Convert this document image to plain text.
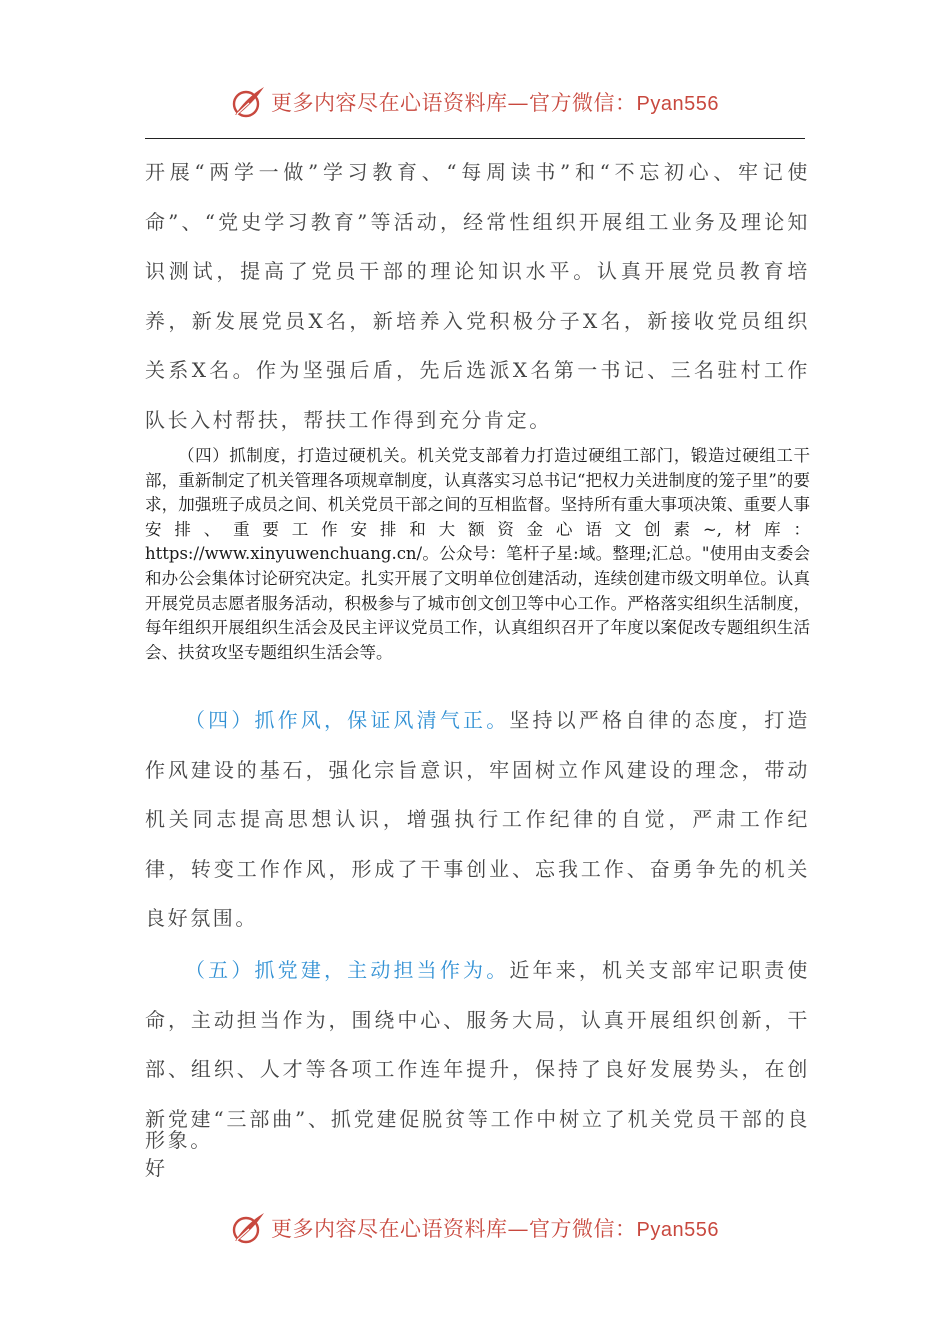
更多内容尽在心语资料库—官方微信：Pyan556

开展“两学一做”学习教育、“每周读书”和“不忘初心、牢记使命”、“党史学习教育”等活动，经常性组织开展组工业务及理论知识测试，提高了党员干部的理论知识水平。认真开展党员教育培养，新发展党员X名，新培养入党积极分子X名，新接收党员组织关系X名。作为坚强后盾，先后选派X名第一书记、三名驻村工作队长入村帮扶，帮扶工作得到充分肯定。

（四）抓制度，打造过硬机关。机关党支部着力打造过硬组工部门，锻造过硬组工干部，重新制定了机关管理各项规章制度，认真落实习总书记“把权力关进制度的笼子里”的要求，加强班子成员之间、机关党员干部之间的互相监督。坚持所有重大事项决策、重要人事安排、重要工作安排和大额资金心语文创素~,材库：https://www.xinyuwenchuang.cn/。公众号：笔杆子星:域。整理;汇总。"使用由支委会和办公会集体讨论研究决定。扎实开展了文明单位创建活动，连续创建市级文明单位。认真开展党员志愿者服务活动，积极参与了城市创文创卫等中心工作。严格落实组织生活制度，每年组织开展组织生活会及民主评议党员工作，认真组织召开了年度以案促改专题组织生活会、扶贫攻坚专题组织生活会等。

（四）抓作风，保证风清气正。坚持以严格自律的态度，打造作风建设的基石，强化宗旨意识，牢固树立作风建设的理念，带动机关同志提高思想认识，增强执行工作纪律的自觉，严肃工作纪律，转变工作作风，形成了干事创业、忘我工作、奋勇争先的机关良好氛围。

（五）抓党建，主动担当作为。近年来，机关支部牢记职责使命，主动担当作为，围绕中心、服务大局，认真开展组织创新，干部、组织、人才等各项工作连年提升，保持了良好发展势头，在创新党建“三部曲”、抓党建促脱贫等工作中树立了机关党员干部的良好

形象。

更多内容尽在心语资料库—官方微信：Pyan556
